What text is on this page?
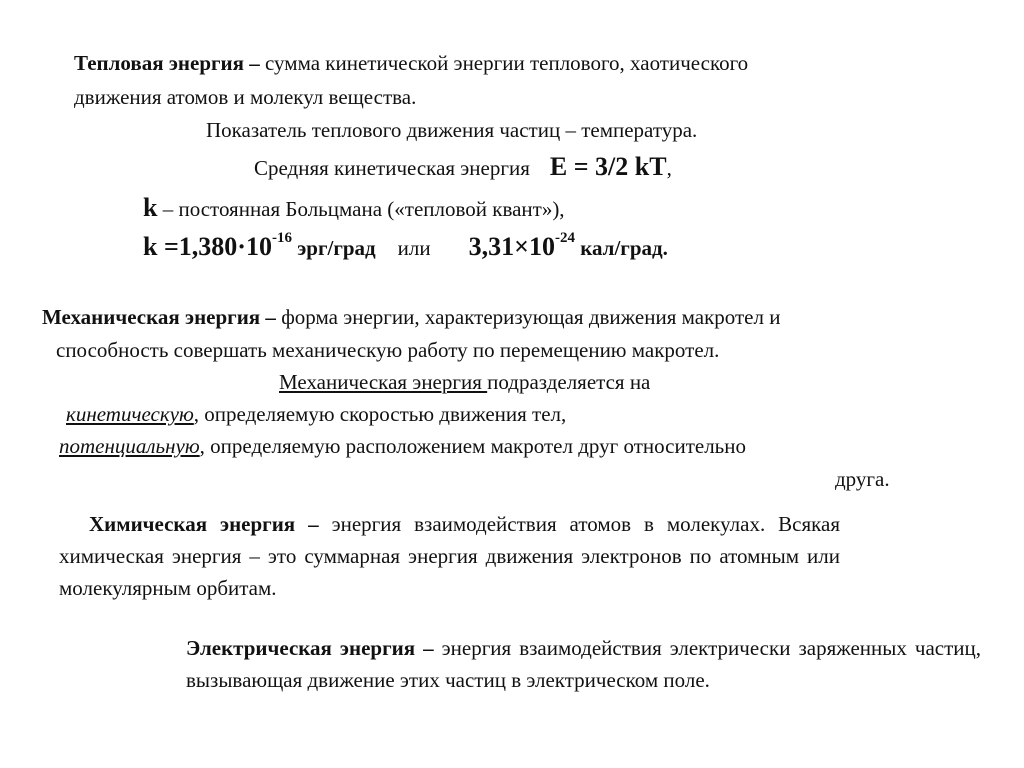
Тепловая энергия – сумма кинетической энергии теплового, хаотического
движения атомов и молекул вещества.
Показатель теплового движения частиц – температура.
Средняя кинетическая энергия E = 3/2 kT,
k – постоянная Больцмана («тепловой квант»),
$k =1,380\cdot 10^{-16}$ эрг/град или $3,31\times 10^{-24}$ кал/град.
Механическая энергия – форма энергии, характеризующая движения макротел и
способность совершать механическую работу по перемещению макротел.
Механическая энергия подразделяется на
кинетическую, определяемую скоростью движения тел,
потенциальную, определяемую расположением макротел друг относительно
друга.
Химическая энергия – энергия взаимодействия атомов в молекулах. Всякая химическая энергия – это суммарная энергия движения электронов по атомным или молекулярным орбитам.
Электрическая энергия – энергия взаимодействия электрически заряженных частиц, вызывающая движение этих частиц в электрическом поле.
